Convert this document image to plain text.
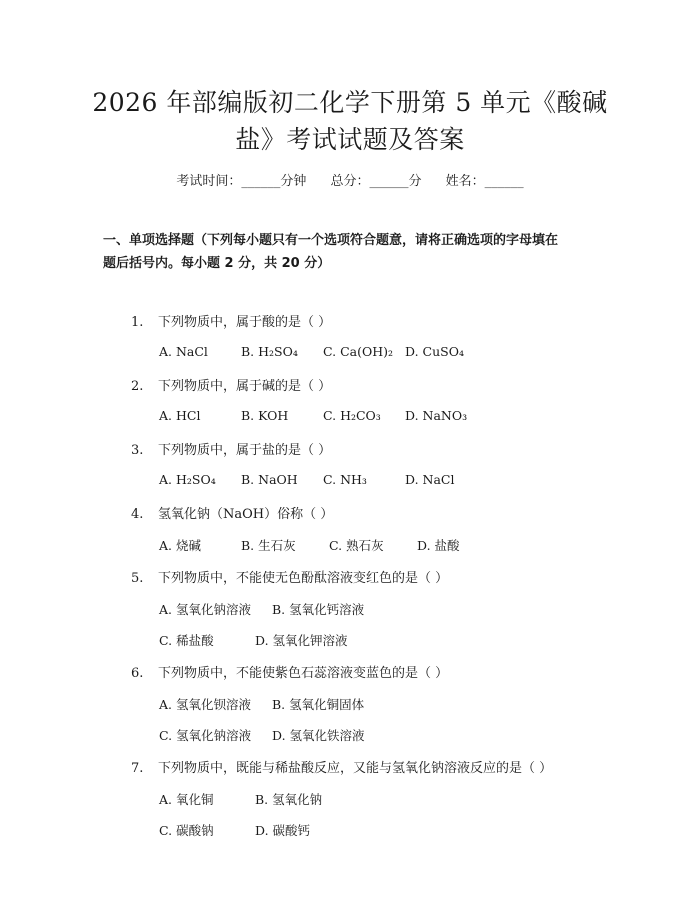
2026 年部编版初二化学下册第 5 单元《酸碱
盐》考试试题及答案
考试时间：______分钟 总分：______分 姓名：______

一、单项选择题（下列每小题只有一个选项符合题意，请将正确选项的字母填在
题后括号内。每小题 2 分，共 20 分）

1. 下列物质中，属于酸的是（ ）
A. NaCl	B. H₂SO₄ C. Ca(OH)₂ D. CuSO₄
2. 下列物质中，属于碱的是（ ）
A. HCl	B. KOH	C. H₂CO₃ D. NaNO₃
3. 下列物质中，属于盐的是（ ）
A. H₂SO₄ B. NaOH C. NH₃	D. NaCl
4. 氢氧化钠（NaOH）俗称（ ）
A. 烧碱	B. 生石灰	C. 熟石灰	D. 盐酸
5. 下列物质中，不能使无色酚酞溶液变红色的是（ ）
A. 氢氧化钠溶液 B. 氢氧化钙溶液
C. 稀盐酸	D. 氢氧化钾溶液
6. 下列物质中，不能使紫色石蕊溶液变蓝色的是（ ）
A. 氢氧化钡溶液 B. 氢氧化铜固体
C. 氢氧化钠溶液 D. 氢氧化铁溶液
7. 下列物质中，既能与稀盐酸反应，又能与氢氧化钠溶液反应的是（ ）
A. 氧化铜	B. 氢氧化钠
C. 碳酸钠	D. 碳酸钙
